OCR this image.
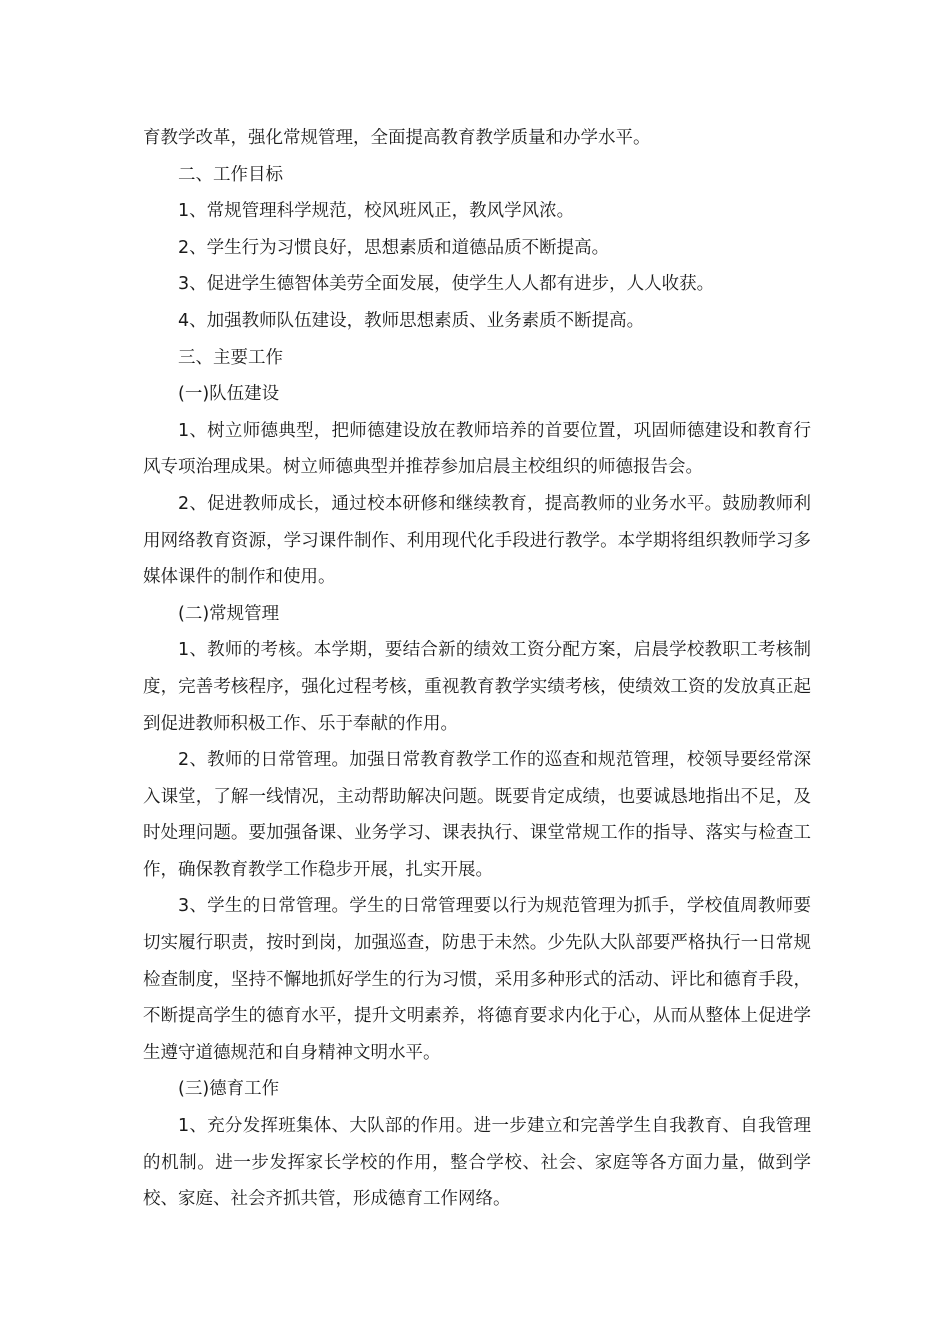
育教学改革，强化常规管理，全面提高教育教学质量和办学水平。

二、工作目标

1、常规管理科学规范，校风班风正，教风学风浓。

2、学生行为习惯良好，思想素质和道德品质不断提高。

3、促进学生德智体美劳全面发展，使学生人人都有进步，人人收获。

4、加强教师队伍建设，教师思想素质、业务素质不断提高。

三、主要工作

(一)队伍建设

1、树立师德典型，把师德建设放在教师培养的首要位置，巩固师德建设和教育行风专项治理成果。树立师德典型并推荐参加启晨主校组织的师德报告会。

2、促进教师成长，通过校本研修和继续教育，提高教师的业务水平。鼓励教师利用网络教育资源，学习课件制作、利用现代化手段进行教学。本学期将组织教师学习多媒体课件的制作和使用。

(二)常规管理

1、教师的考核。本学期，要结合新的绩效工资分配方案，启晨学校教职工考核制度，完善考核程序，强化过程考核，重视教育教学实绩考核，使绩效工资的发放真正起到促进教师积极工作、乐于奉献的作用。

2、教师的日常管理。加强日常教育教学工作的巡查和规范管理，校领导要经常深入课堂，了解一线情况，主动帮助解决问题。既要肯定成绩，也要诚恳地指出不足，及时处理问题。要加强备课、业务学习、课表执行、课堂常规工作的指导、落实与检查工作，确保教育教学工作稳步开展，扎实开展。

3、学生的日常管理。学生的日常管理要以行为规范管理为抓手，学校值周教师要切实履行职责，按时到岗，加强巡查，防患于未然。少先队大队部要严格执行一日常规检查制度，坚持不懈地抓好学生的行为习惯，采用多种形式的活动、评比和德育手段，不断提高学生的德育水平，提升文明素养，将德育要求内化于心，从而从整体上促进学生遵守道德规范和自身精神文明水平。

(三)德育工作

1、充分发挥班集体、大队部的作用。进一步建立和完善学生自我教育、自我管理的机制。进一步发挥家长学校的作用，整合学校、社会、家庭等各方面力量，做到学校、家庭、社会齐抓共管，形成德育工作网络。
